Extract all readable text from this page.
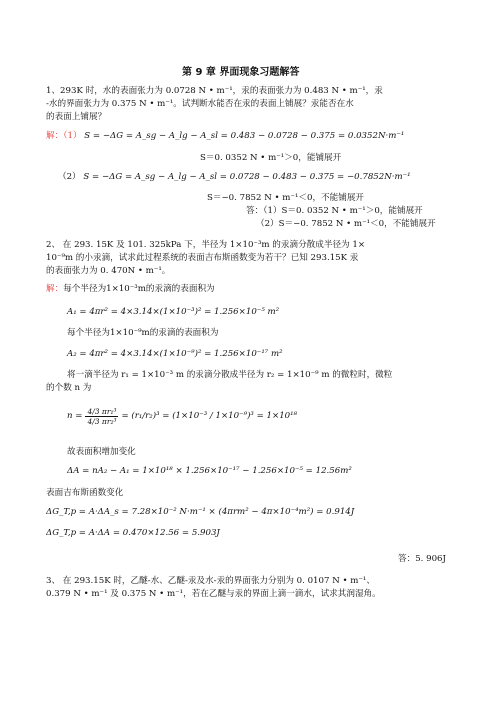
第 9 章 界面现象习题解答
1、293K 时，水的表面张力为 0.0728 N • m⁻¹，汞的表面张力为 0.483 N • m⁻¹，汞
-水的界面张力为 0.375 N • m⁻¹。试判断水能否在汞的表面上铺展？汞能否在水
的表面上铺展？
解：（1） S = −ΔG = A_sg − A_lg − A_sl = 0.483 − 0.0728 − 0.375 = 0.0352N·m⁻¹
S＝0. 0352 N • m⁻¹＞0，能铺展开
（2） S = −ΔG = A_sg − A_lg − A_sl = 0.0728 − 0.483 − 0.375 = −0.7852N·m⁻¹
S＝−0. 7852 N • m⁻¹＜0，不能铺展开
答：（1）S＝0. 0352 N • m⁻¹＞0，能铺展开
（2）S＝−0. 7852 N • m⁻¹＜0，不能铺展开
2、 在 293. 15K 及 101. 325kPa 下，半径为 1×10⁻³m 的汞滴分散成半径为 1×
10⁻⁹m 的小汞滴，试求此过程系统的表面吉布斯函数变为若干？已知 293.15K 汞
的表面张力为 0. 470N • m⁻¹。
解：每个半径为1×10⁻³m的汞滴的表面积为
A₁ = 4πr² = 4×3.14×(1×10⁻³)² = 1.256×10⁻⁵ m²
每个半径为1×10⁻⁹m的汞滴的表面积为
A₂ = 4πr² = 4×3.14×(1×10⁻⁹)² = 1.256×10⁻¹⁷ m²
将一滴半径为 r₁ = 1×10⁻³ m 的汞滴分散成半径为 r₂ = 1×10⁻⁹ m 的微粒时，微粒
的个数 n 为
$n = \frac{\text{4/3 πr₁³}}{\text{4/3 πr₂³}} = (r_1/r_2)^3 = (1\times 10^{-3} / 1\times 10^{-9})^3 = 1\times 10^{18}$
故表面积增加变化
ΔA = nA₂ − A₁ = 1×10¹⁸ × 1.256×10⁻¹⁷ − 1.256×10⁻⁵ = 12.56m²
表面吉布斯函数变化
ΔG_T,p = A·ΔA_s = 7.28×10⁻² N·m⁻¹ × (4πrm² − 4π×10⁻⁴m²) = 0.914J
ΔG_T,p = A·ΔA = 0.470×12.56 = 5.903J
答：5. 906J
3、 在 293.15K 时，乙醚-水、乙醚-汞及水-汞的界面张力分别为 0. 0107 N • m⁻¹、
0.379 N • m⁻¹ 及 0.375 N • m⁻¹，若在乙醚与汞的界面上滴一滴水，试求其润湿角。
